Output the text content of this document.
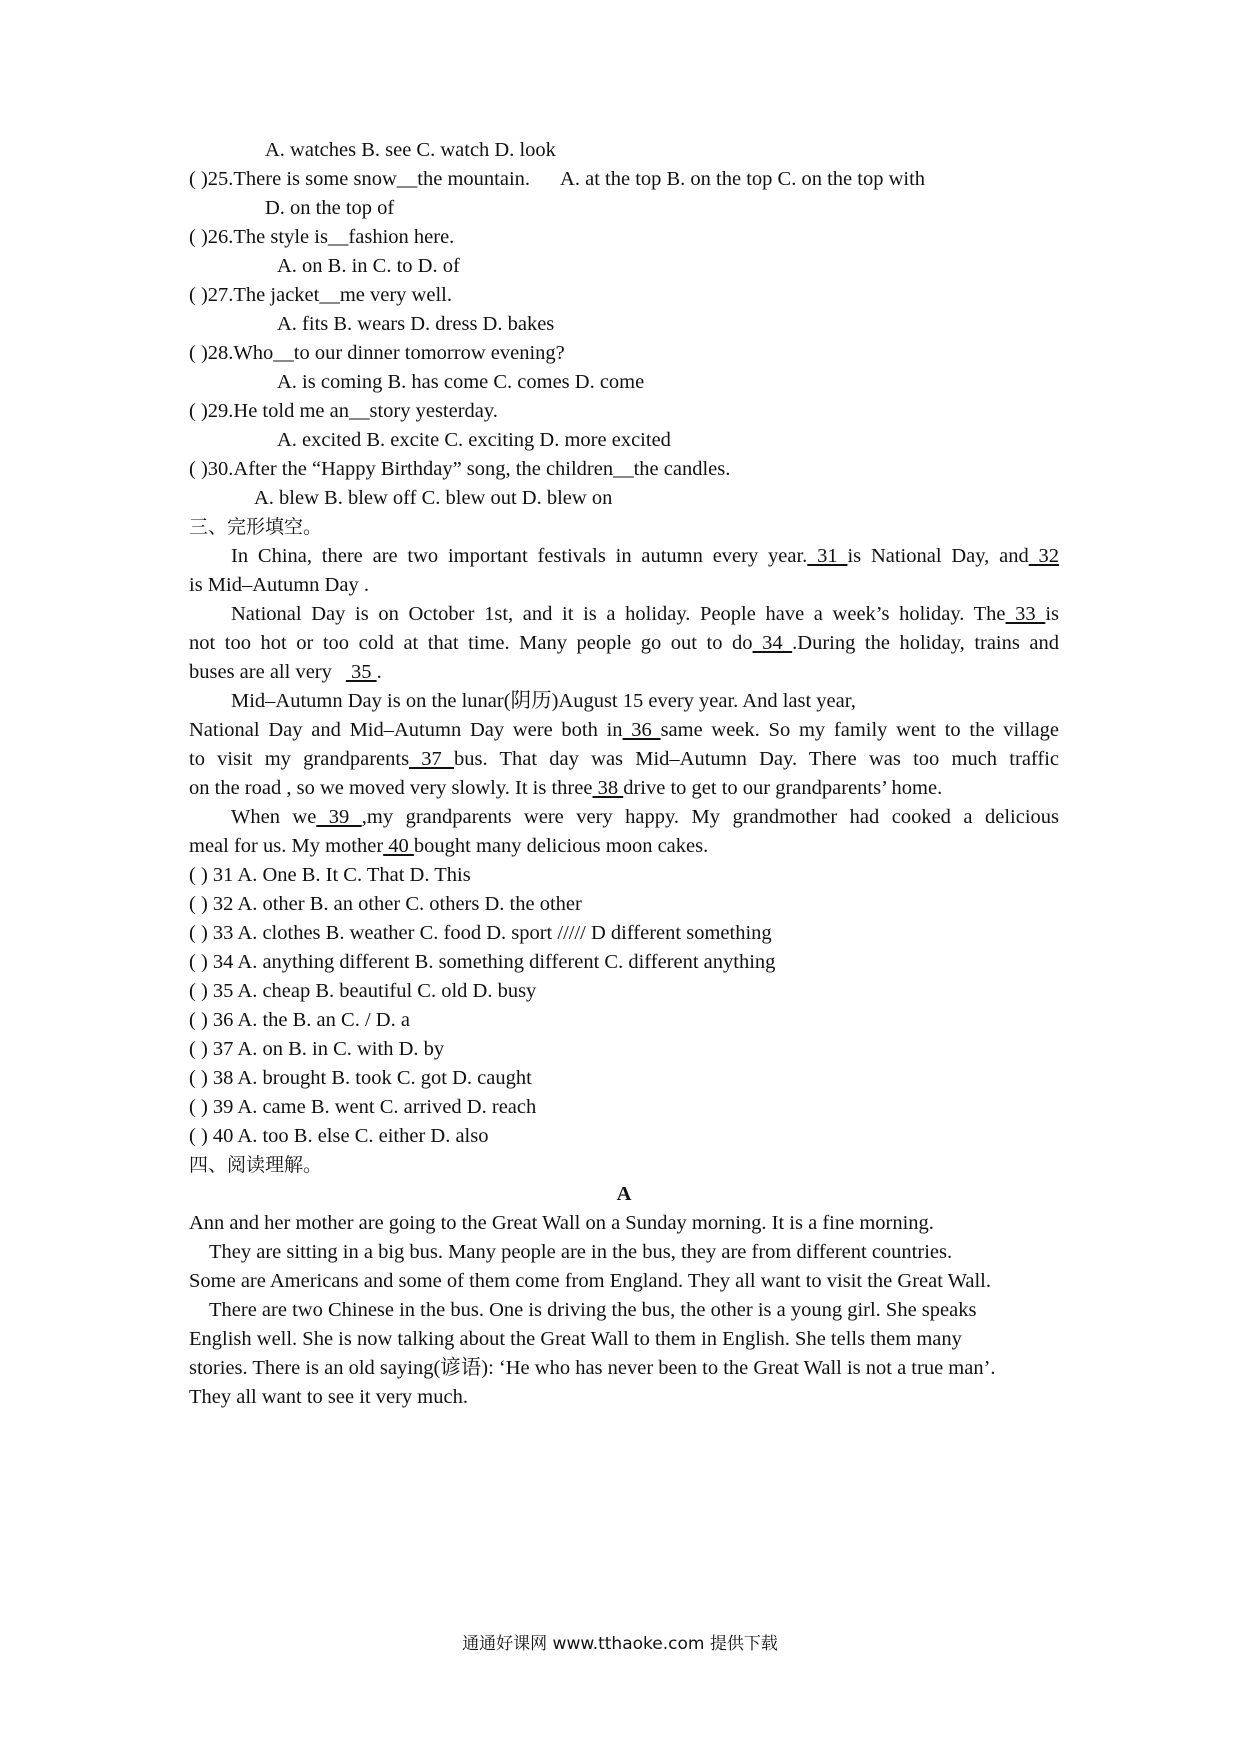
A. watches B. see C. watch D. look
( )25.There is some snow__the mountain. A. at the top B. on the top C. on the top with
D. on the top of
( )26.The style is__fashion here.
A. on B. in C. to D. of
( )27.The jacket__me very well.
A. fits B. wears D. dress D. bakes
( )28.Who__to our dinner tomorrow evening?
A. is coming B. has come C. comes D. come
( )29.He told me an__story yesterday.
A. excited B. excite C. exciting D. more excited
( )30.After the “Happy Birthday” song, the children__the candles.
A. blew B. blew off C. blew out D. blew on
三、完形填空。
In China, there are two important festivals in autumn every year. 31 is National Day, and 32
is Mid–Autumn Day .
National Day is on October 1st, and it is a holiday. People have a week’s holiday. The 33 is
not too hot or too cold at that time. Many people go out to do 34 .During the holiday, trains and
buses are all very 35 .
Mid–Autumn Day is on the lunar(阴历)August 15 every year. And last year,
National Day and Mid–Autumn Day were both in 36 same week. So my family went to the village
to visit my grandparents 37 bus. That day was Mid–Autumn Day. There was too much traffic
on the road , so we moved very slowly. It is three 38 drive to get to our grandparents’ home.
When we 39 ,my grandparents were very happy. My grandmother had cooked a delicious
meal for us. My mother 40 bought many delicious moon cakes.
( ) 31 A. One B. It C. That D. This
( ) 32 A. other B. an other C. others D. the other
( ) 33 A. clothes B. weather C. food D. sport ///// D different something
( ) 34 A. anything different B. something different C. different anything
( ) 35 A. cheap B. beautiful C. old D. busy
( ) 36 A. the B. an C. / D. a
( ) 37 A. on B. in C. with D. by
( ) 38 A. brought B. took C. got D. caught
( ) 39 A. came B. went C. arrived D. reach
( ) 40 A. too B. else C. either D. also
四、阅读理解。
A
Ann and her mother are going to the Great Wall on a Sunday morning. It is a fine morning.
They are sitting in a big bus. Many people are in the bus, they are from different countries.
Some are Americans and some of them come from England. They all want to visit the Great Wall.
There are two Chinese in the bus. One is driving the bus, the other is a young girl. She speaks
English well. She is now talking about the Great Wall to them in English. She tells them many
stories. There is an old saying(谚语): ‘He who has never been to the Great Wall is not a true man’.
They all want to see it very much.
通通好课网 www.tthaoke.com 提供下载
